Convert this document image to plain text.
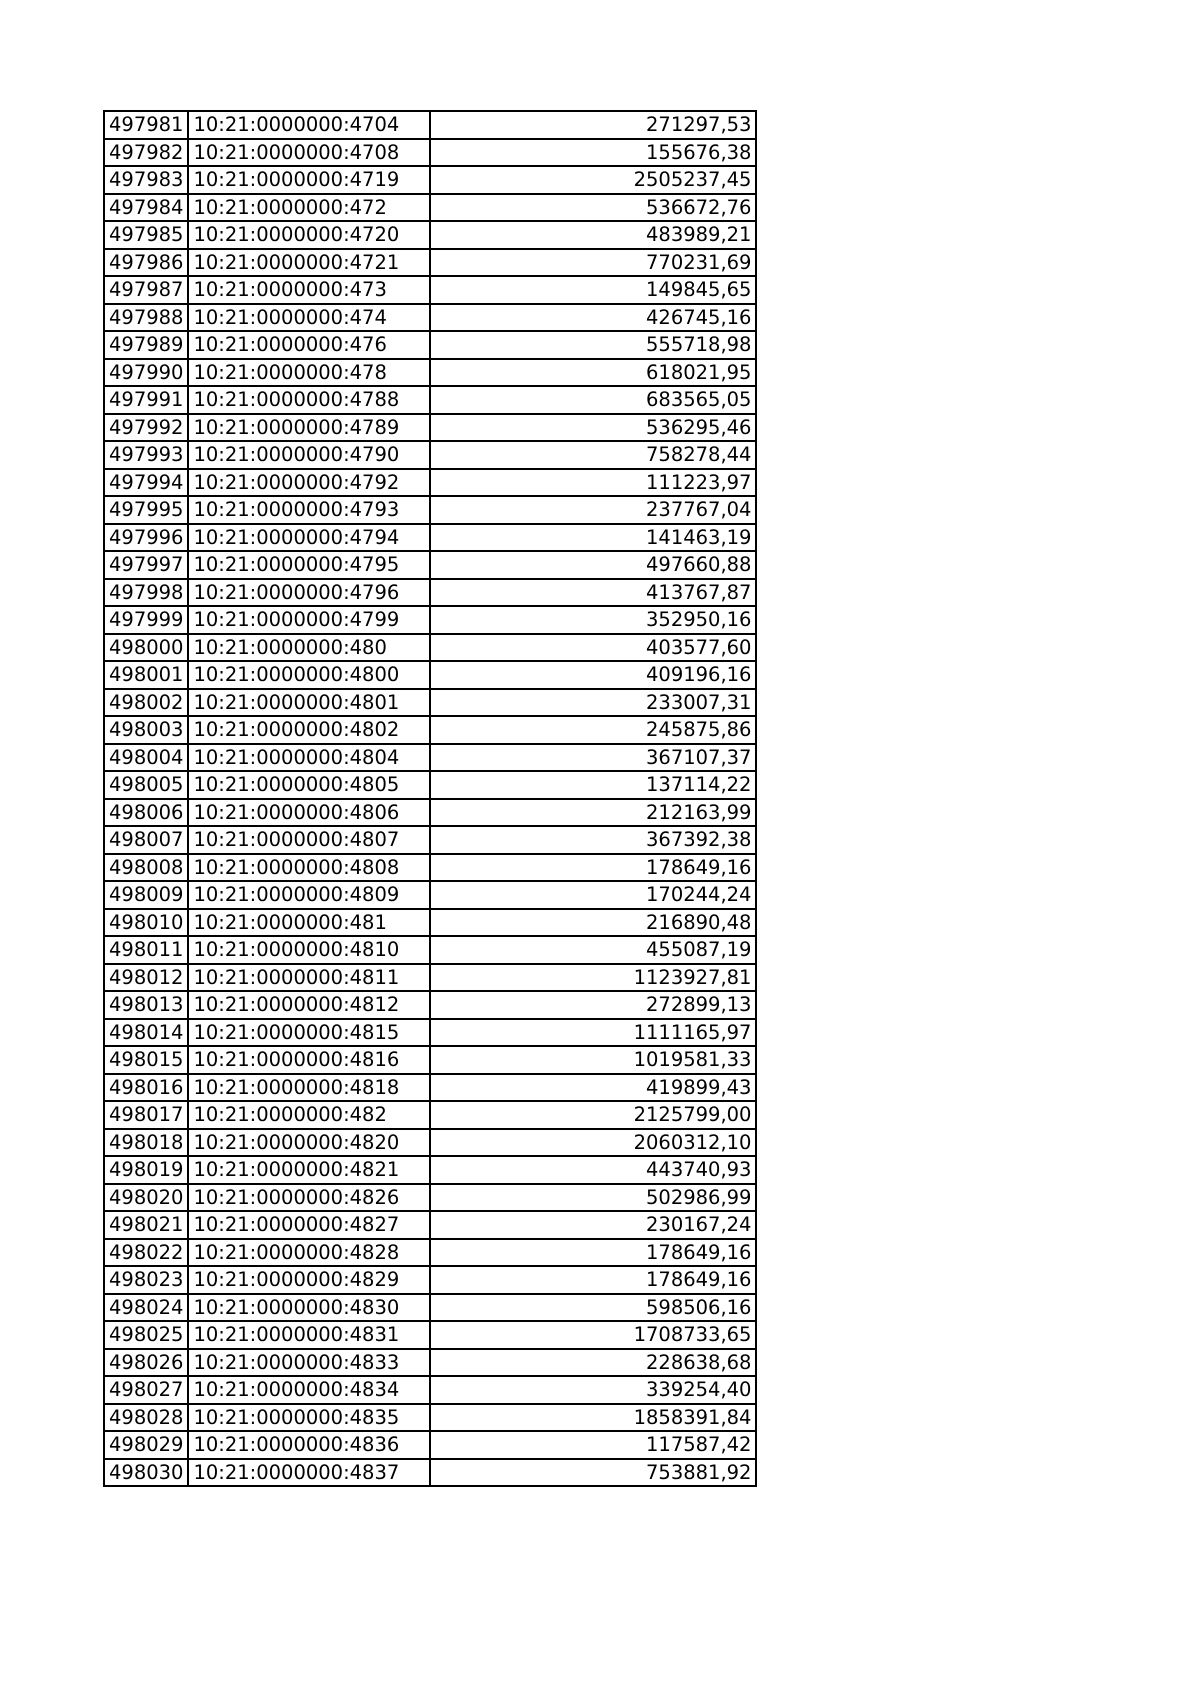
497981	10:21:0000000:4704	271297,53
497982	10:21:0000000:4708	155676,38
497983	10:21:0000000:4719	2505237,45
497984	10:21:0000000:472	536672,76
497985	10:21:0000000:4720	483989,21
497986	10:21:0000000:4721	770231,69
497987	10:21:0000000:473	149845,65
497988	10:21:0000000:474	426745,16
497989	10:21:0000000:476	555718,98
497990	10:21:0000000:478	618021,95
497991	10:21:0000000:4788	683565,05
497992	10:21:0000000:4789	536295,46
497993	10:21:0000000:4790	758278,44
497994	10:21:0000000:4792	111223,97
497995	10:21:0000000:4793	237767,04
497996	10:21:0000000:4794	141463,19
497997	10:21:0000000:4795	497660,88
497998	10:21:0000000:4796	413767,87
497999	10:21:0000000:4799	352950,16
498000	10:21:0000000:480	403577,60
498001	10:21:0000000:4800	409196,16
498002	10:21:0000000:4801	233007,31
498003	10:21:0000000:4802	245875,86
498004	10:21:0000000:4804	367107,37
498005	10:21:0000000:4805	137114,22
498006	10:21:0000000:4806	212163,99
498007	10:21:0000000:4807	367392,38
498008	10:21:0000000:4808	178649,16
498009	10:21:0000000:4809	170244,24
498010	10:21:0000000:481	216890,48
498011	10:21:0000000:4810	455087,19
498012	10:21:0000000:4811	1123927,81
498013	10:21:0000000:4812	272899,13
498014	10:21:0000000:4815	1111165,97
498015	10:21:0000000:4816	1019581,33
498016	10:21:0000000:4818	419899,43
498017	10:21:0000000:482	2125799,00
498018	10:21:0000000:4820	2060312,10
498019	10:21:0000000:4821	443740,93
498020	10:21:0000000:4826	502986,99
498021	10:21:0000000:4827	230167,24
498022	10:21:0000000:4828	178649,16
498023	10:21:0000000:4829	178649,16
498024	10:21:0000000:4830	598506,16
498025	10:21:0000000:4831	1708733,65
498026	10:21:0000000:4833	228638,68
498027	10:21:0000000:4834	339254,40
498028	10:21:0000000:4835	1858391,84
498029	10:21:0000000:4836	117587,42
498030	10:21:0000000:4837	753881,92
